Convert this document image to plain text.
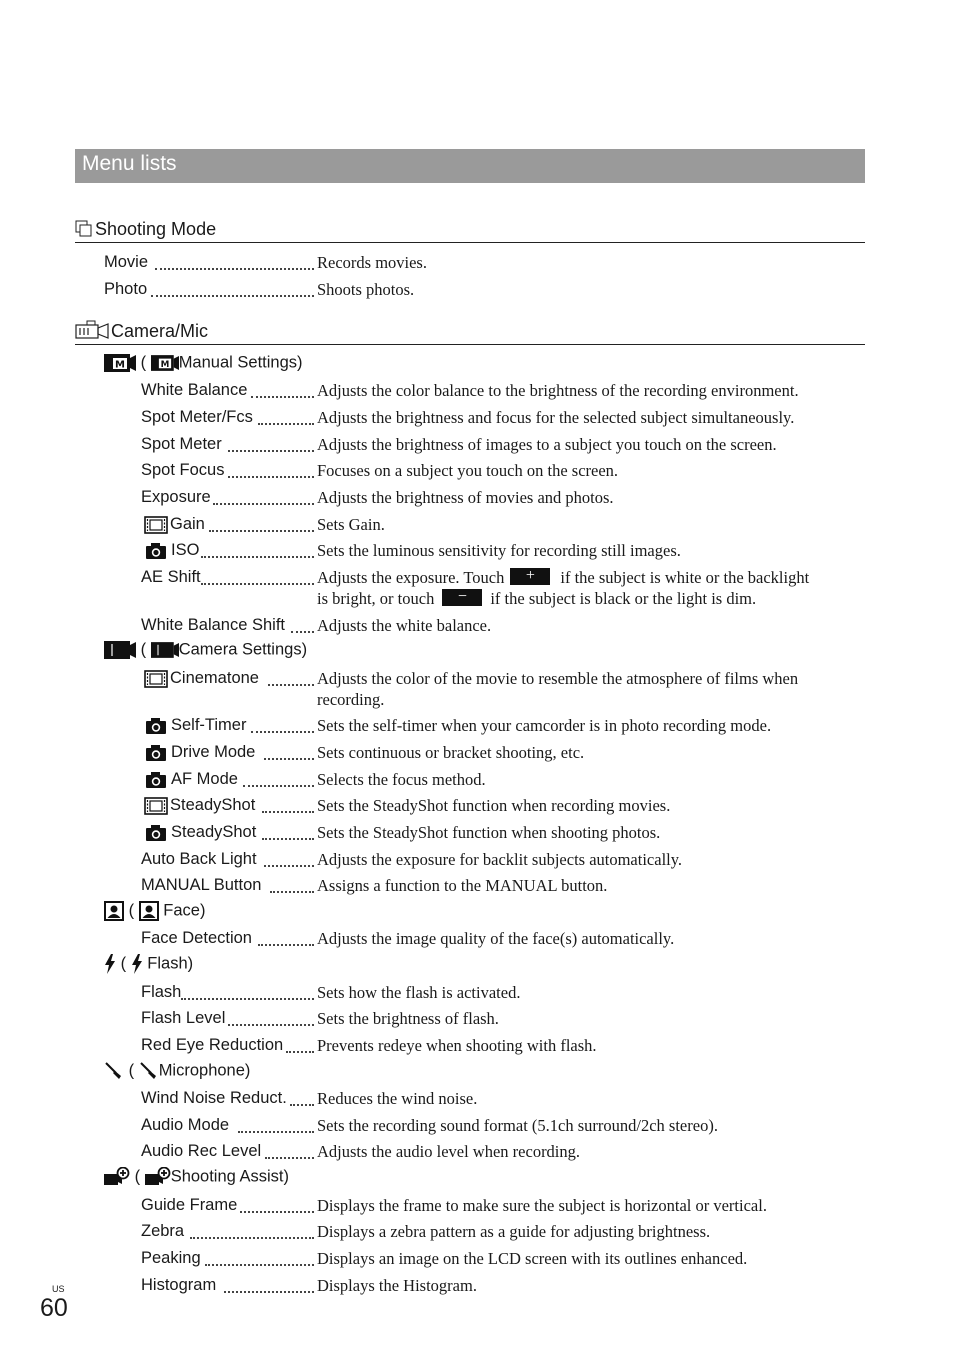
Menu lists
Shooting Mode
Movie	Records movies.
Photo	Shoots photos.
Camera/Mic
M ( M Manual Settings)
White Balance	Adjusts the color balance to the brightness of the recording environment.
Spot Meter/Fcs	Adjusts the brightness and focus for the selected subject simultaneously.
Spot Meter	Adjusts the brightness of images to a subject you touch on the screen.
Spot Focus	Focuses on a subject you touch on the screen.
Exposure	Adjusts the brightness of movies and photos.
Gain	Sets Gain.
ISO	Sets the luminous sensitivity for recording still images.
AE Shift	Adjusts the exposure. Touch + if the subject is white or the backlight
is bright, or touch − if the subject is black or the light is dim.
White Balance Shift Adjusts the white balance.
( Camera Settings)
Cinematone	Adjusts the color of the movie to resemble the atmosphere of films when
recording.
Self-Timer	Sets the self-timer when your camcorder is in photo recording mode.
Drive Mode	Sets continuous or bracket shooting, etc.
AF Mode	Selects the focus method.
SteadyShot	Sets the SteadyShot function when recording movies.
SteadyShot	Sets the SteadyShot function when shooting photos.
Auto Back Light	Adjusts the exposure for backlit subjects automatically.
MANUAL Button	Assigns a function to the MANUAL button.
( Face)
Face Detection	Adjusts the image quality of the face(s) automatically.
( Flash)
Flash	Sets how the flash is activated.
Flash Level	Sets the brightness of flash.
Red Eye Reduction Prevents redeye when shooting with flash.
( Microphone)
Wind Noise Reduct. Reduces the wind noise.
Audio Mode	Sets the recording sound format (5.1ch surround/2ch stereo).
Audio Rec Level	Adjusts the audio level when recording.
( Shooting Assist)
Guide Frame	Displays the frame to make sure the subject is horizontal or vertical.
Zebra	Displays a zebra pattern as a guide for adjusting brightness.
Peaking	Displays an image on the LCD screen with its outlines enhanced.
Histogram	Displays the Histogram.
US
60
